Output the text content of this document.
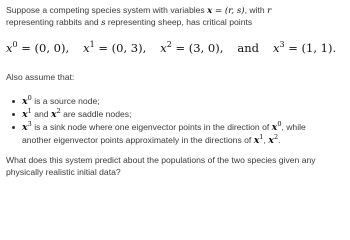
Suppose a competing species system with variables x = (r, s), with r
representing rabbits and s representing sheep, has critical points
$x^0 = (0$, 0), $x^1 = (0$, 3), $x^2 = (3$, 0), and $x^3 = (1$, 1).
Also assume that:
$x^0$ is a source node;
$x^1$ and $x^2$ are saddle nodes;
$x^3$ is a sink node where one eigenvector points in the direction of $x^0$, while
another eigenvector points approximately in the directions of $x^1$, $x^2$.
What does this system predict about the populations of the two species given any
physically realistic initial data?
